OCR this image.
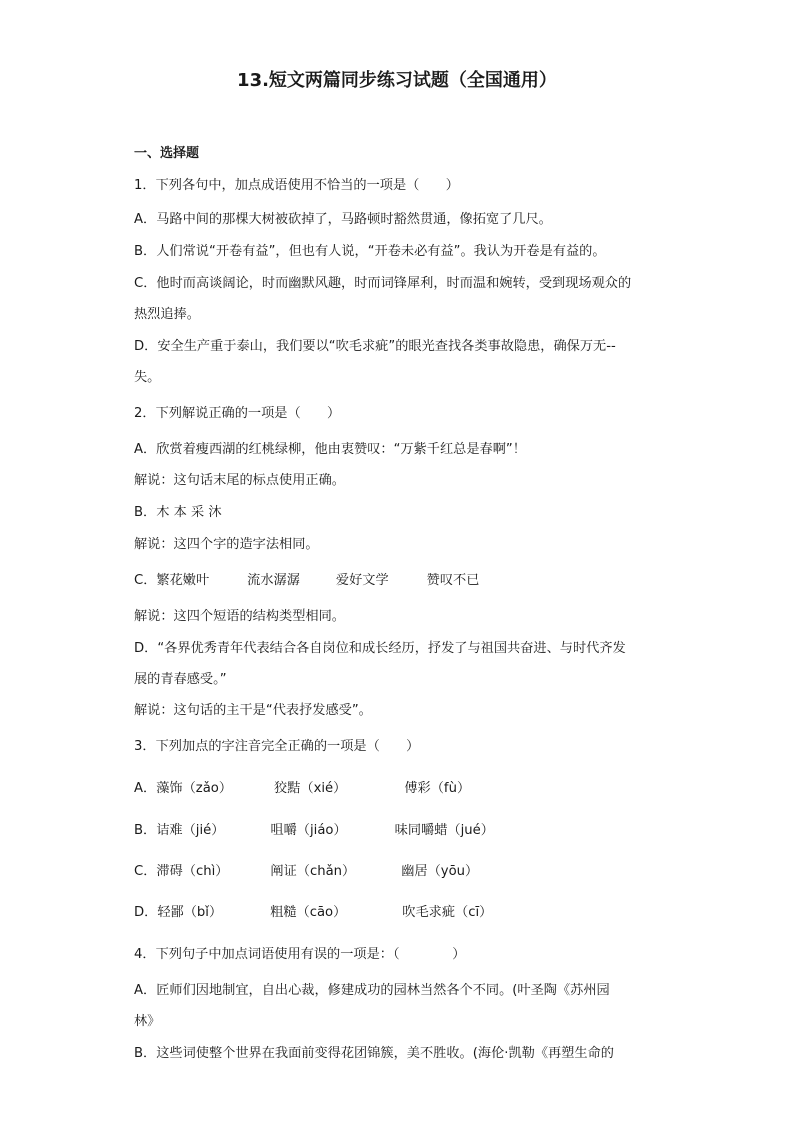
13.短文两篇同步练习试题（全国通用）
一、选择题
1．下列各句中，加点成语使用不恰当的一项是（　　）
A．马路中间的那棵大树被砍掉了，马路顿时豁然贯通，像拓宽了几尺。
B．人们常说“开卷有益”，但也有人说，“开卷未必有益”。我认为开卷是有益的。
C．他时而高谈阔论，时而幽默风趣，时而词锋犀利，时而温和婉转，受到现场观众的
热烈追捧。
D．安全生产重于泰山，我们要以“吹毛求疵”的眼光查找各类事故隐患，确保万无--
失。
2．下列解说正确的一项是（　　）
A．欣赏着瘦西湖的红桃绿柳，他由衷赞叹：“万紫千红总是春啊”！
解说：这句话末尾的标点使用正确。
B．木 本 采 沐
解说：这四个字的造字法相同。
C．繁花嫩叶	流水潺潺	爱好文学	赞叹不已
解说：这四个短语的结构类型相同。
D．“各界优秀青年代表结合各自岗位和成长经历，抒发了与祖国共奋进、与时代齐发
展的青春感受。”
解说：这句话的主干是“代表抒发感受”。
3．下列加点的字注音完全正确的一项是（　　）
A．藻饰（zǎo）	狡黠（xié）	傅彩（fù）
B．诘难（jié）	咀嚼（jiáo）	味同嚼蜡（jué）
C．滞碍（chì）	阐证（chǎn）	幽居（yōu）
D．轻鄙（bǐ）	粗糙（cāo）	吹毛求疵（cī）
4．下列句子中加点词语使用有误的一项是：（　　　　）
A．匠师们因地制宜，自出心裁，修建成功的园林当然各个不同。(叶圣陶《苏州园
林》
B．这些词使整个世界在我面前变得花团锦簇，美不胜收。(海伦·凯勒《再塑生命的
